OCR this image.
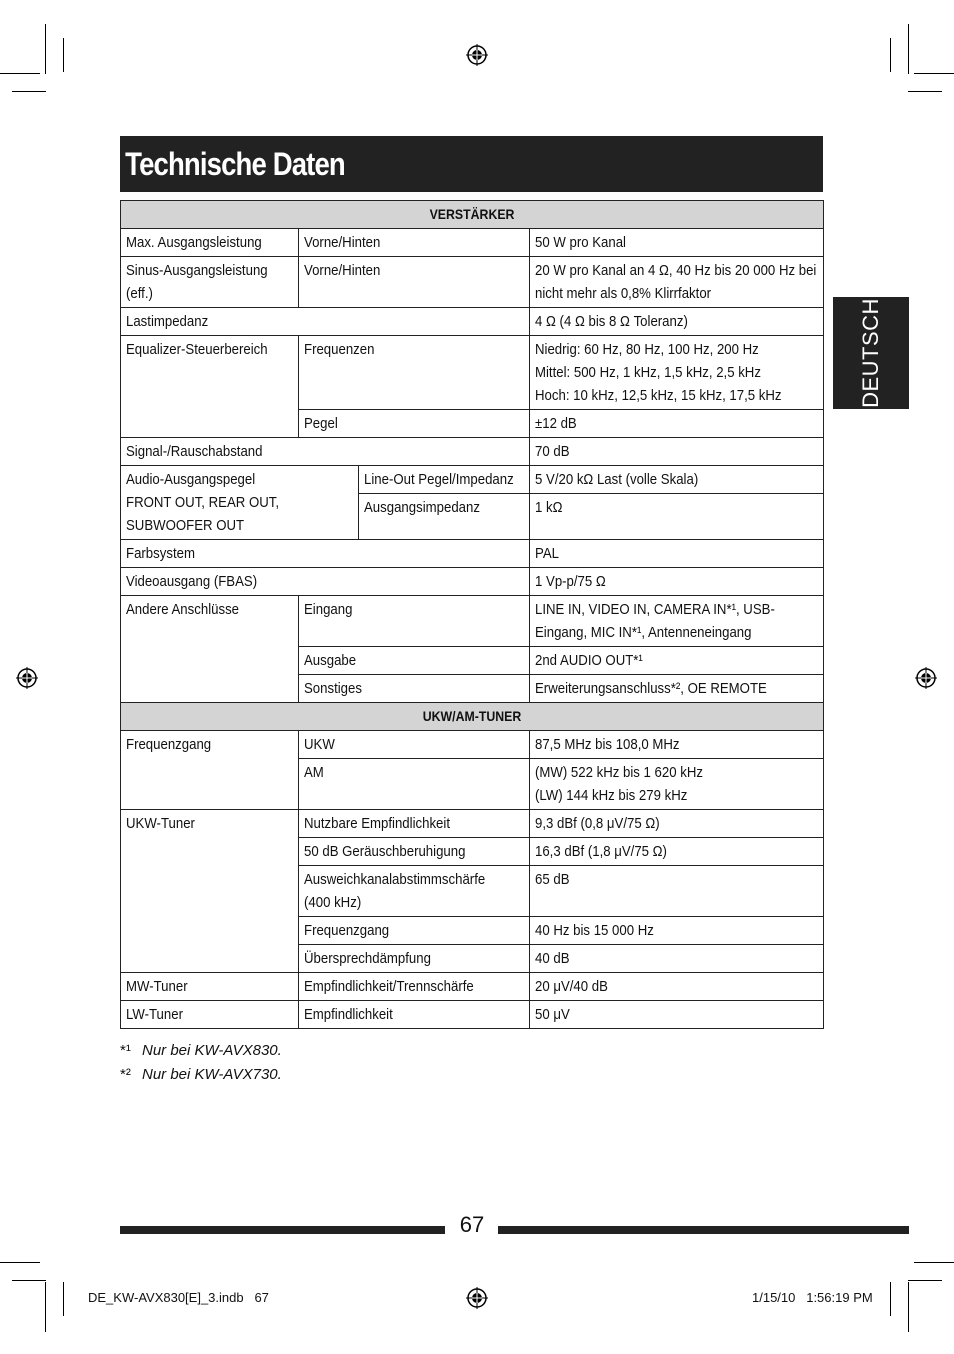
Technische Daten
DEUTSCH
VERSTÄRKER			

Max. Ausgangsleistung	Vorne/Hinten		50 W pro Kanal

Sinus-Ausgangsleistung (eff.)	Vorne/Hinten		20 W pro Kanal an 4 Ω, 40 Hz bis 20 000 Hz bei nicht mehr als 0,8% Klirrfaktor

Lastimpedanz			4 Ω (4 Ω bis 8 Ω Toleranz)

Equalizer-Steuerbereich	Frequenzen		Niedrig: 60 Hz, 80 Hz, 100 Hz, 200 Hz
Mittel: 500 Hz, 1 kHz, 1,5 kHz, 2,5 kHz
Hoch: 10 kHz, 12,5 kHz, 15 kHz, 17,5 kHz

	Pegel		±12 dB

Signal-/Rauschabstand			70 dB

Audio-Ausgangspegel
FRONT OUT, REAR OUT, SUBWOOFER OUT		Line-Out Pegel/Impedanz	5 V/20 kΩ Last (volle Skala)

		Ausgangsimpedanz	1 kΩ

Farbsystem			PAL

Videoausgang (FBAS)			1 Vp-p/75 Ω

Andere Anschlüsse	Eingang		LINE IN, VIDEO IN, CAMERA IN*¹, USB-Eingang, MIC IN*¹, Antenneneingang

	Ausgabe		2nd AUDIO OUT*¹

	Sonstiges		Erweiterungsanschluss*², OE REMOTE

UKW/AM-TUNER			

Frequenzgang	UKW		87,5 MHz bis 108,0 MHz

	AM		(MW) 522 kHz bis 1 620 kHz
(LW) 144 kHz bis 279 kHz

UKW-Tuner	Nutzbare Empfindlichkeit		9,3 dBf (0,8 μV/75 Ω)

	50 dB Geräuschberuhigung		16,3 dBf (1,8 μV/75 Ω)

	Ausweichkanalabstimmschärfe (400 kHz)		65 dB

	Frequenzgang		40 Hz bis 15 000 Hz

	Übersprechdämpfung		40 dB

MW-Tuner	Empfindlichkeit/Trennschärfe		20 μV/40 dB

LW-Tuner	Empfindlichkeit		50 μV
*¹ Nur bei KW-AVX830.
*² Nur bei KW-AVX730.
67
DE_KW-AVX830[E]_3.indb   67	1/15/10   1:56:19 PM
